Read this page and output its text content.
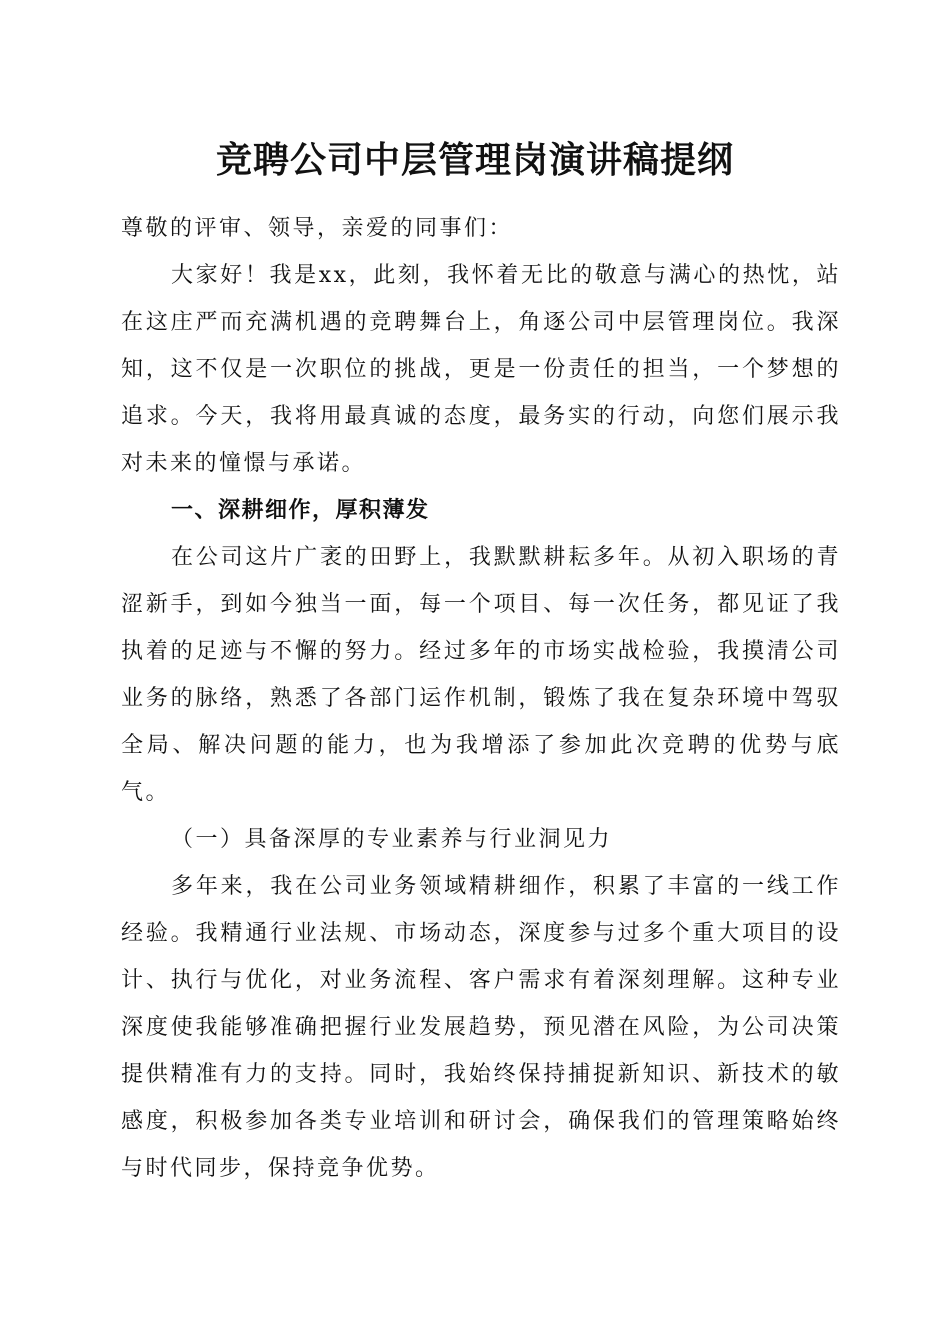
竞聘公司中层管理岗演讲稿提纲

尊敬的评审、领导，亲爱的同事们：

大家好！我是xx，此刻，我怀着无比的敬意与满心的热忱，站在这庄严而充满机遇的竞聘舞台上，角逐公司中层管理岗位。我深知，这不仅是一次职位的挑战，更是一份责任的担当，一个梦想的追求。今天，我将用最真诚的态度，最务实的行动，向您们展示我对未来的憧憬与承诺。

一、深耕细作，厚积薄发

在公司这片广袤的田野上，我默默耕耘多年。从初入职场的青涩新手，到如今独当一面，每一个项目、每一次任务，都见证了我执着的足迹与不懈的努力。经过多年的市场实战检验，我摸清公司业务的脉络，熟悉了各部门运作机制，锻炼了我在复杂环境中驾驭全局、解决问题的能力，也为我增添了参加此次竞聘的优势与底气。

（一）具备深厚的专业素养与行业洞见力

多年来，我在公司业务领域精耕细作，积累了丰富的一线工作经验。我精通行业法规、市场动态，深度参与过多个重大项目的设计、执行与优化，对业务流程、客户需求有着深刻理解。这种专业深度使我能够准确把握行业发展趋势，预见潜在风险，为公司决策提供精准有力的支持。同时，我始终保持捕捉新知识、新技术的敏感度，积极参加各类专业培训和研讨会，确保我们的管理策略始终与时代同步，保持竞争优势。
